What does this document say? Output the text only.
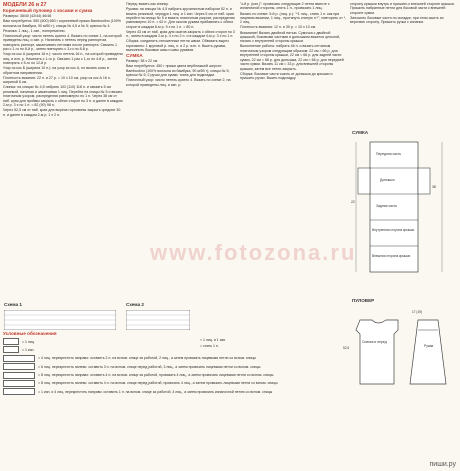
МОДЕЛИ 26 и 27
Коричневый пуловер с косами и сумка
Размеры: 38/40 (42/44) 46/48
Вам потребуется: 550 (600) 650 г коричневой пряжи Bamboolino (100% волокна из бамбука, 90 м/50 г); спицы № 4,5 и № 5; крючок № 4.
Резинка: 1 лиц., 1 изн., попеременно.
Платочный узор: число петель кратно 4. Вязать по схеме 1, на которой приведены лиц. и изн. р. Начинать с петель перед раппортом, повторять раппорт, заканчивать петлями после раппорта. Связать 1 раз с 1-го по 8-й р., затем повторять с 3-го по 8-й р.
Узор из кос А (ширина 16 п.): число петель 16 п., на которой приведены лиц. и изн. р. Начинать с 1-го р. Связать 1 раз с 1-го по 4-й р., затем повторять с 5-го по 12-й р.
Узор из кос Б (ширина 10 п.): на узор из кос А, но вязать косы в обратном направлении.
Плотность вязания: 22 п. и 27 р. = 10 х 10 см, узор из кос А 16 п. шириной 6 см.
Спинка: на спицах № 4,5 набрать 102 (110) 118 п. и связать 5 см резинкой, начиная и заканчивая 1 лиц. Перейти на спицы № 5 и вязать платочным узором, распределяя равномерно по 1 п. Через 38 см от наб. края для проймы закрыть с обеих сторон по 3 п. и далее в каждом 2-м р. 3 х по 1 п. = 82 (90) 98 п.
Через 52,5 см от наб. края для выреза горловины закрыть средние 30 п. и далее в каждом 2-м р. 1 х 2 п.
Перед: вязать как спинку.
Рукава: на спицах № 4,5 набрать кручинистым набором 52 п. и вязать резинкой, чередуя 1 лиц. и 1 изн. Через 5 см от наб. края перейти на спицы № 5 и вязать платочным узором, распределяя равномерно 10 п. = 62 п. Для скосов рукава прибавлять с обеих сторон в каждом 6-м р. 9 х по 1 п. = 80 п.
Через 43 см от наб. края для окатов закрыть с обеих сторон по 3 п., затем в каждом 2-м р. 4 х по 2 п. и в каждом 4-м р. 3 х по 1 п.
Сборка: соединить отложенные петли швом. Обвязать вырез горловины: 1 круговой р. лиц. п. и 2 р. изн. п. Вшить рукава, выполнить боковые швы и швы рукавов.
СУМКА
Размер: 38 х 22 см
Вам потребуется: 450 г пряжи цвета верблюжьей шерсти Bamboolino (100% волокна из бамбука, 90 м/50 г); спицы № 5; крючок № 5; 2 ручки для сумки; ткань для подкладки.
Платочный узор: число петель кратно 4. Вязать по схеме 2, на которой приведены лиц. и изн. р.
"з-й р. (изн.)": провязать следующие 2 петли вместе с изнаночной стороны, снять 1 п., провязать 1 лиц.
Вязать по схеме: 5-й р. (лиц. р.): "*1 лиц., снять 1 п. как при лицевом вязании, 1 лиц., протянуть снятую п.*", повторять от *, 2 лиц.
Плотность вязания: 12 п. и 30 р. = 10 х 10 см.
Внимание! Вязать двойной нитью. Сумочка с двойной крышкой, боковыми частями и донышком вяжется цельной, начать с внутренней стороны крышки.
Выполнение работы: набрать 46 п. и вязать сетчатым платочным узором следующим образом: 22 см = 66 р. для внутренней стороны крышки, 22 см = 66 р. для задней части сумки, 22 см = 66 р. для донышка, 22 см = 66 р. для передней части сумки. Вязать 11 см = 33 р. для внешней стороны крышки, затем все петли закрыть.
Сборка: боковые части сшить от донышка до крышки и пришить ручки. Вшить подкладку.
сторону крышки внутрь и пришить к внешней стороне крышки. Пришить набранные петли для боковой части к внешней стороне сумки.
Заложить боковые части по складке, при этом сшить их верхнюю сторону. Пришить ручки с изнанки.
СУМКА
Передняя часть
Донышко
Задняя часть
Внутренняя сторона крышки
Внешняя сторона крышки
38
22
ПУЛОВЕР
Спинка и перед
Рукав
52,5
17 (19)
Схема 1	Схема 2
Условные обозначения
= 1 лиц.
= 1 изн.
= 4 лиц. перекрестить направо: оставить 2 п. на вспом. спице за работой, 2 лиц., а затем провязать лицевыми петли со вспом. спицы
= 6 лиц. перекрестить налево: оставить 3 п. на вспом. спице перед работой, 3 лиц., а затем провязать лицевыми петли со вспом. спицы
= 8 лиц. перекрестить направо: оставить 4 п. на вспом. спице за работой, провязать 4 лиц., а затем провязать лицевыми петли со вспом. спицы
= 8 лиц. перекрестить налево: оставить 4 п. на вспом. спице перед работой, провязать 4 лиц., а затем провязать лицевыми петли со вспом. спицы
= 1 изн. и 4 лиц. перекрестить направо: оставить 1 п. на вспом. спице за работой, 4 лиц., а затем провязать изнаночной петлю со вспом. спицы
= 1 лиц. и 1 изн.
= снять 1 п.
www.fotozona.ru
пиши.ру
